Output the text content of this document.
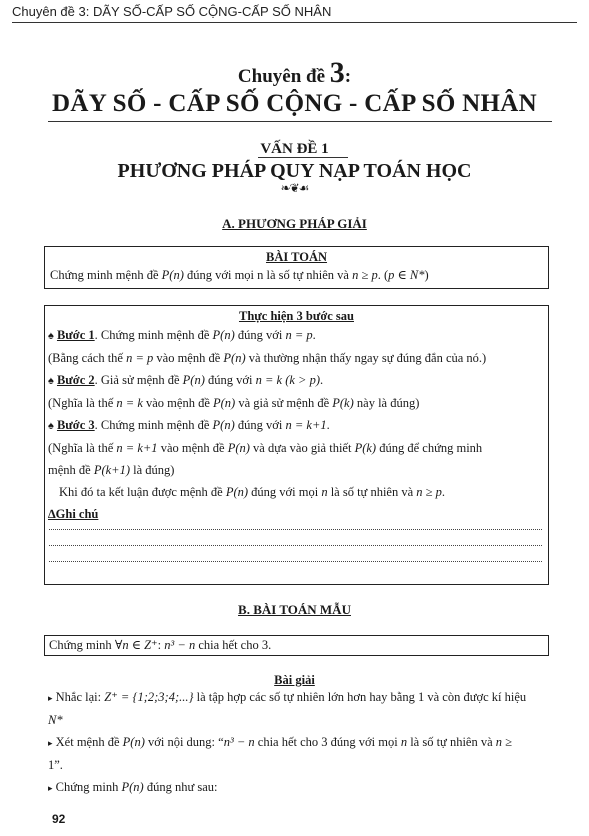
Chuyên đề 3: DÃY SỐ-CẤP SỐ CỘNG-CẤP SỐ NHÂN
Chuyên đề 3:
DÃY SỐ - CẤP SỐ CỘNG - CẤP SỐ NHÂN
VẤN ĐỀ 1
PHƯƠNG PHÁP QUY NẠP TOÁN HỌC
❧❦☙
A. PHƯƠNG PHÁP GIẢI
BÀI TOÁN
Chứng minh mệnh đề P(n) đúng với mọi n là số tự nhiên và n ≥ p. (p ∈ N*)
Thực hiện 3 bước sau
♠ Bước 1. Chứng minh mệnh đề P(n) đúng với n = p.
(Bằng cách thế n = p vào mệnh đề P(n) và thường nhận thấy ngay sự đúng đắn của nó.)
♠ Bước 2. Giả sử mệnh đề P(n) đúng với n = k (k > p).
(Nghĩa là thế n = k vào mệnh đề P(n) và giả sử mệnh đề P(k) này là đúng)
♠ Bước 3. Chứng minh mệnh đề P(n) đúng với n = k+1.
(Nghĩa là thế n = k+1 vào mệnh đề P(n) và dựa vào giả thiết P(k) đúng để chứng minh
mệnh đề P(k+1) là đúng)
Khi đó ta kết luận được mệnh đề P(n) đúng với mọi n là số tự nhiên và n ≥ p.
∆Ghi chú
B. BÀI TOÁN MẪU
Chứng minh ∀n ∈ Z⁺: n³ − n chia hết cho 3.
Bài giải
▸ Nhắc lại: Z⁺ = {1;2;3;4;...} là tập hợp các số tự nhiên lớn hơn hay bằng 1 và còn được kí hiệu
N*
▸ Xét mệnh đề P(n) với nội dung: “n³ − n chia hết cho 3 đúng với mọi n là số tự nhiên và n ≥
1”.
▸ Chứng minh P(n) đúng như sau:
92
